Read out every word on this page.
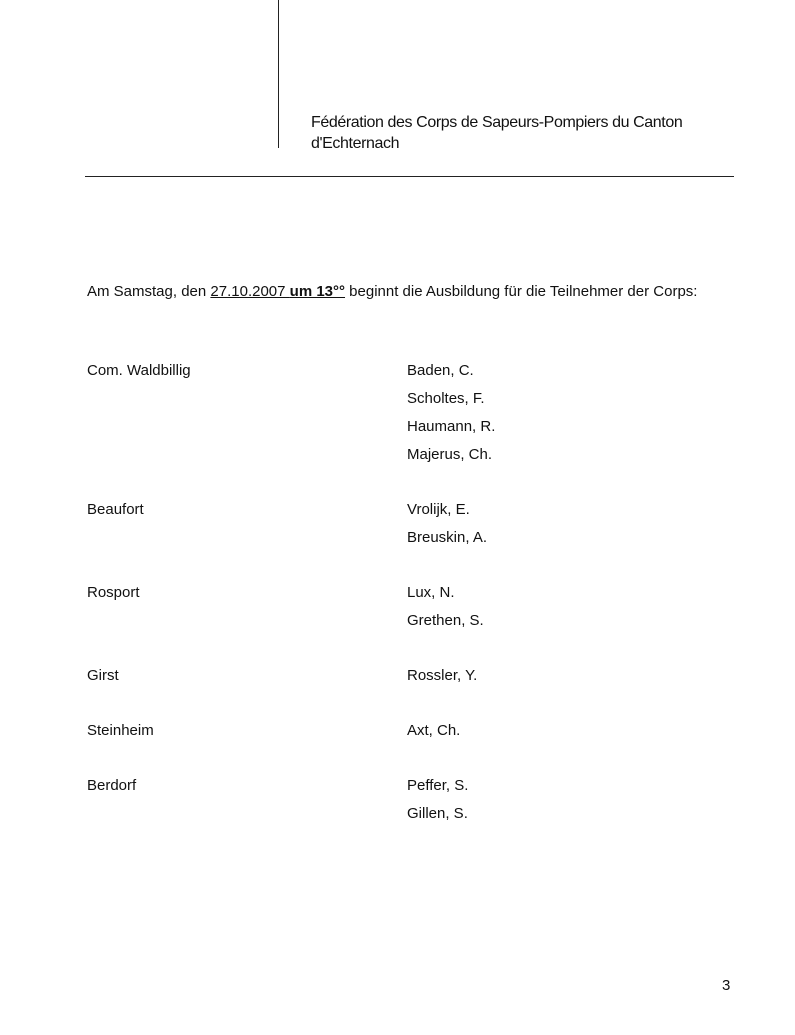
Fédération des Corps de Sapeurs-Pompiers du Canton
d'Echternach
Am Samstag, den 27.10.2007 um 13°° beginnt die Ausbildung für die Teilnehmer der Corps:
Com. Waldbillig	Baden, C.
Scholtes, F.
Haumann, R.
Majerus, Ch.
Beaufort	Vrolijk, E.
Breuskin, A.
Rosport	Lux, N.
Grethen, S.
Girst	Rossler, Y.
Steinheim	Axt, Ch.
Berdorf	Peffer, S.
Gillen, S.
3
